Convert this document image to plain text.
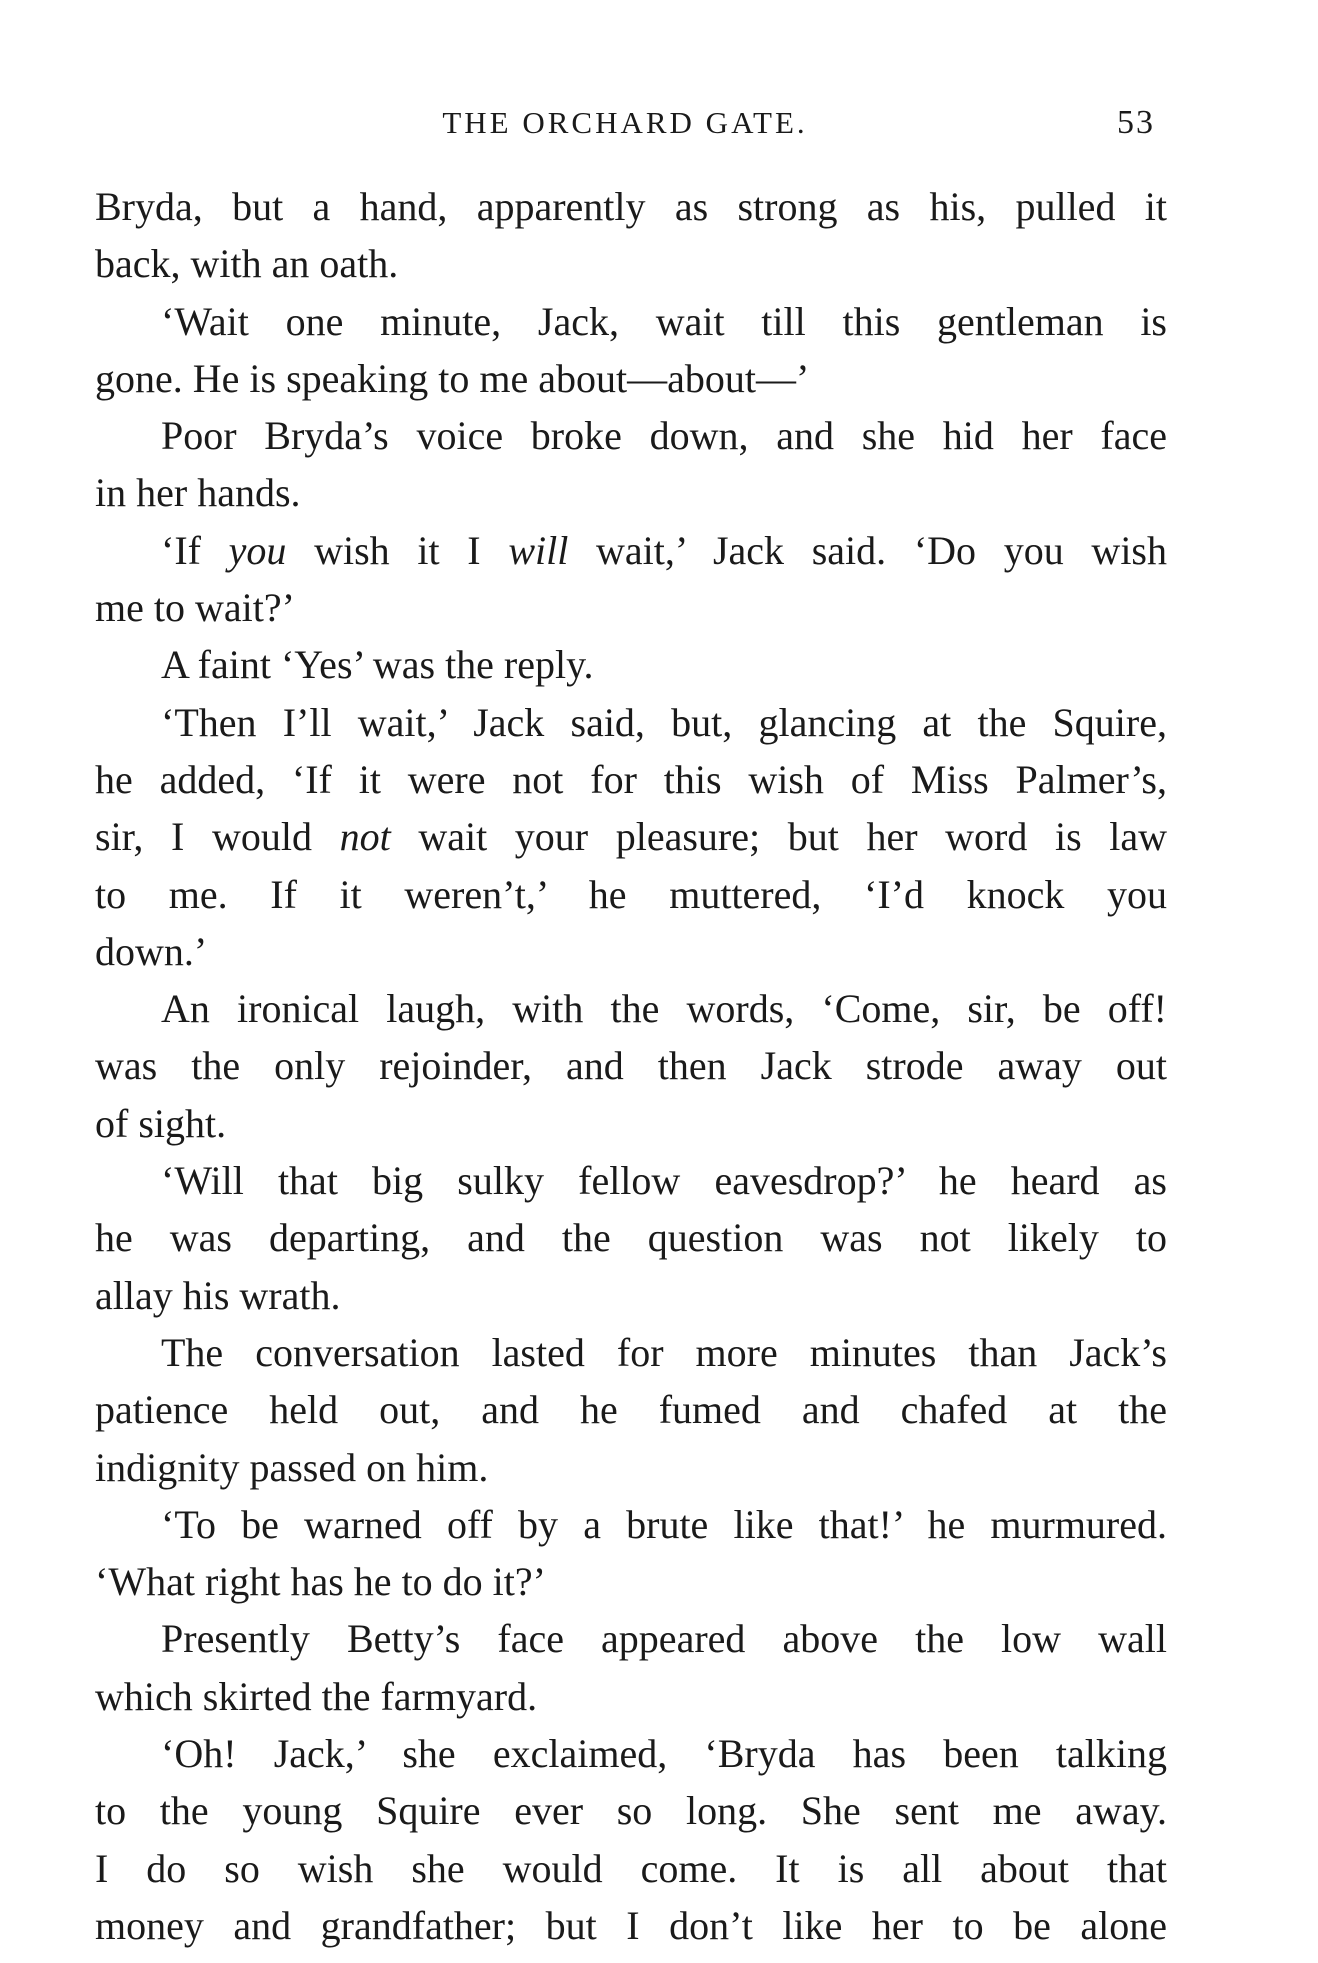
THE ORCHARD GATE.	53
Bryda, but a hand, apparently as strong as his, pulled it
back, with an oath.
‘Wait one minute, Jack, wait till this gentleman is
gone. He is speaking to me about—about—’
Poor Bryda’s voice broke down, and she hid her face
in her hands.
‘If you wish it I will wait,’ Jack said. ‘Do you wish
me to wait?’
A faint ‘Yes’ was the reply.
‘Then I’ll wait,’ Jack said, but, glancing at the Squire,
he added, ‘If it were not for this wish of Miss Palmer’s,
sir, I would not wait your pleasure; but her word is law
to me. If it weren’t,’ he muttered, ‘I’d knock you
down.’
An ironical laugh, with the words, ‘Come, sir, be off!
was the only rejoinder, and then Jack strode away out
of sight.
‘Will that big sulky fellow eavesdrop?’ he heard as
he was departing, and the question was not likely to
allay his wrath.
The conversation lasted for more minutes than Jack’s
patience held out, and he fumed and chafed at the
indignity passed on him.
‘To be warned off by a brute like that!’ he murmured.
‘What right has he to do it?’
Presently Betty’s face appeared above the low wall
which skirted the farmyard.
‘Oh! Jack,’ she exclaimed, ‘Bryda has been talking
to the young Squire ever so long. She sent me away.
I do so wish she would come. It is all about that
money and grandfather; but I don’t like her to be alone
